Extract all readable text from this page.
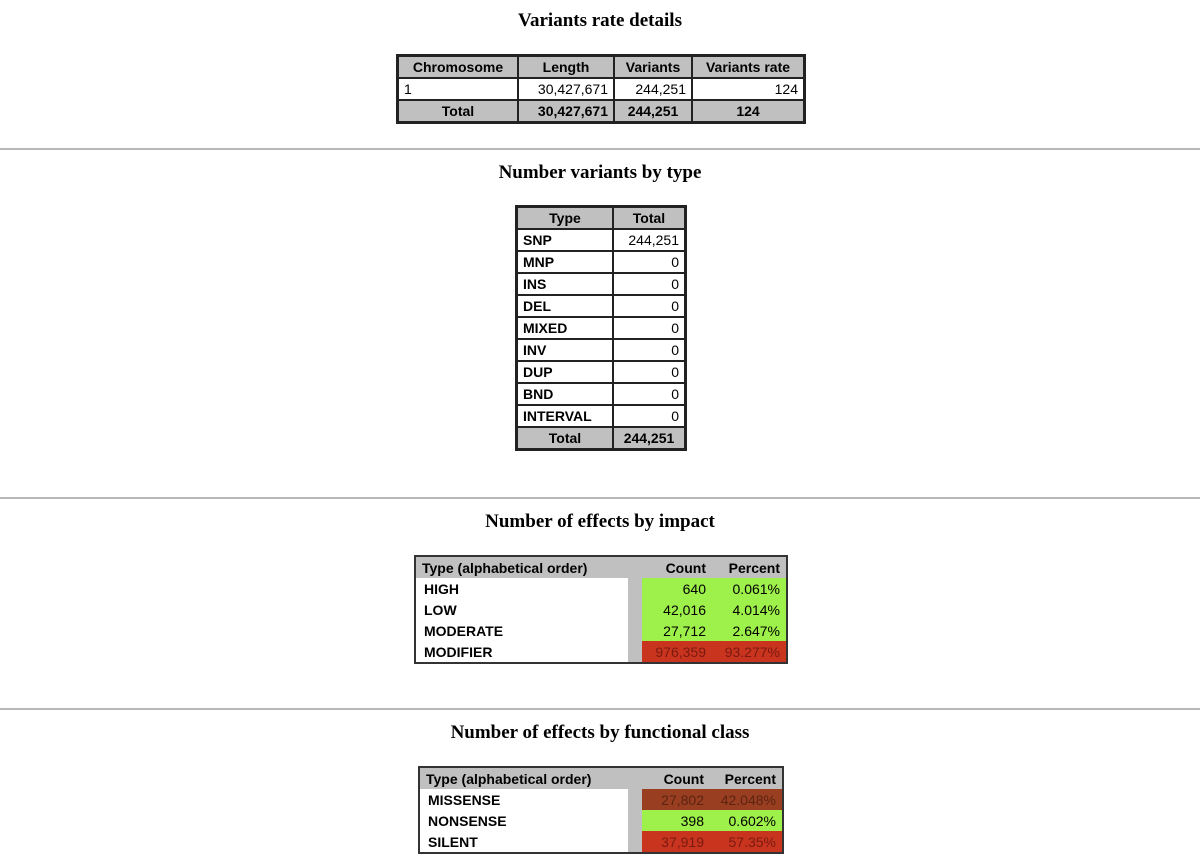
Variants rate details
Chromosome	Length	Variants	Variants rate
1	30,427,671	244,251	124
Total	30,427,671	244,251	124
Number variants by type
Type	Total
SNP	244,251
MNP	0
INS	0
DEL	0
MIXED	0
INV	0
DUP	0
BND	0
INTERVAL	0
Total	244,251
Number of effects by impact
Type (alphabetical order)		Count	Percent
HIGH		640	0.061%
LOW		42,016	4.014%
MODERATE		27,712	2.647%
MODIFIER		976,359	93.277%
Number of effects by functional class
Type (alphabetical order)		Count	Percent
MISSENSE		27,802	42.048%
NONSENSE		398	0.602%
SILENT		37,919	57.35%
